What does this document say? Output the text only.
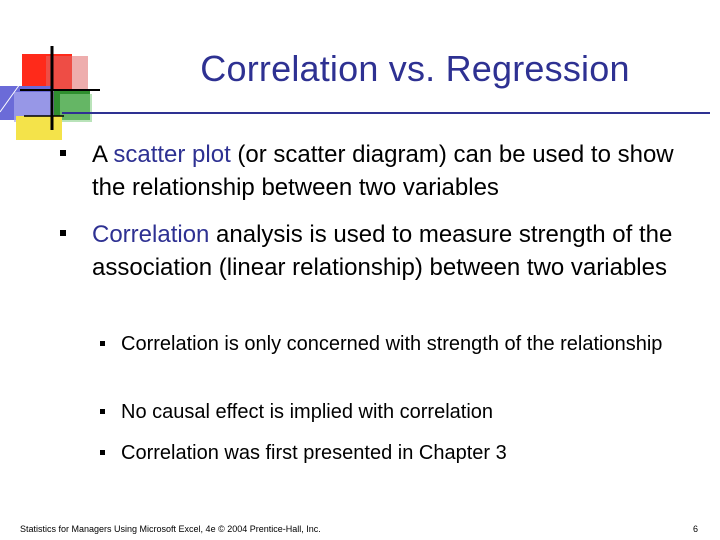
Correlation vs. Regression
A scatter plot (or scatter diagram) can be used to show the relationship between two variables
Correlation analysis is used to measure strength of the association (linear relationship) between two variables
Correlation is only concerned with strength of the relationship
No causal effect is implied with correlation
Correlation was first presented in Chapter 3
Statistics for Managers Using Microsoft Excel, 4e © 2004 Prentice-Hall, Inc.	6
